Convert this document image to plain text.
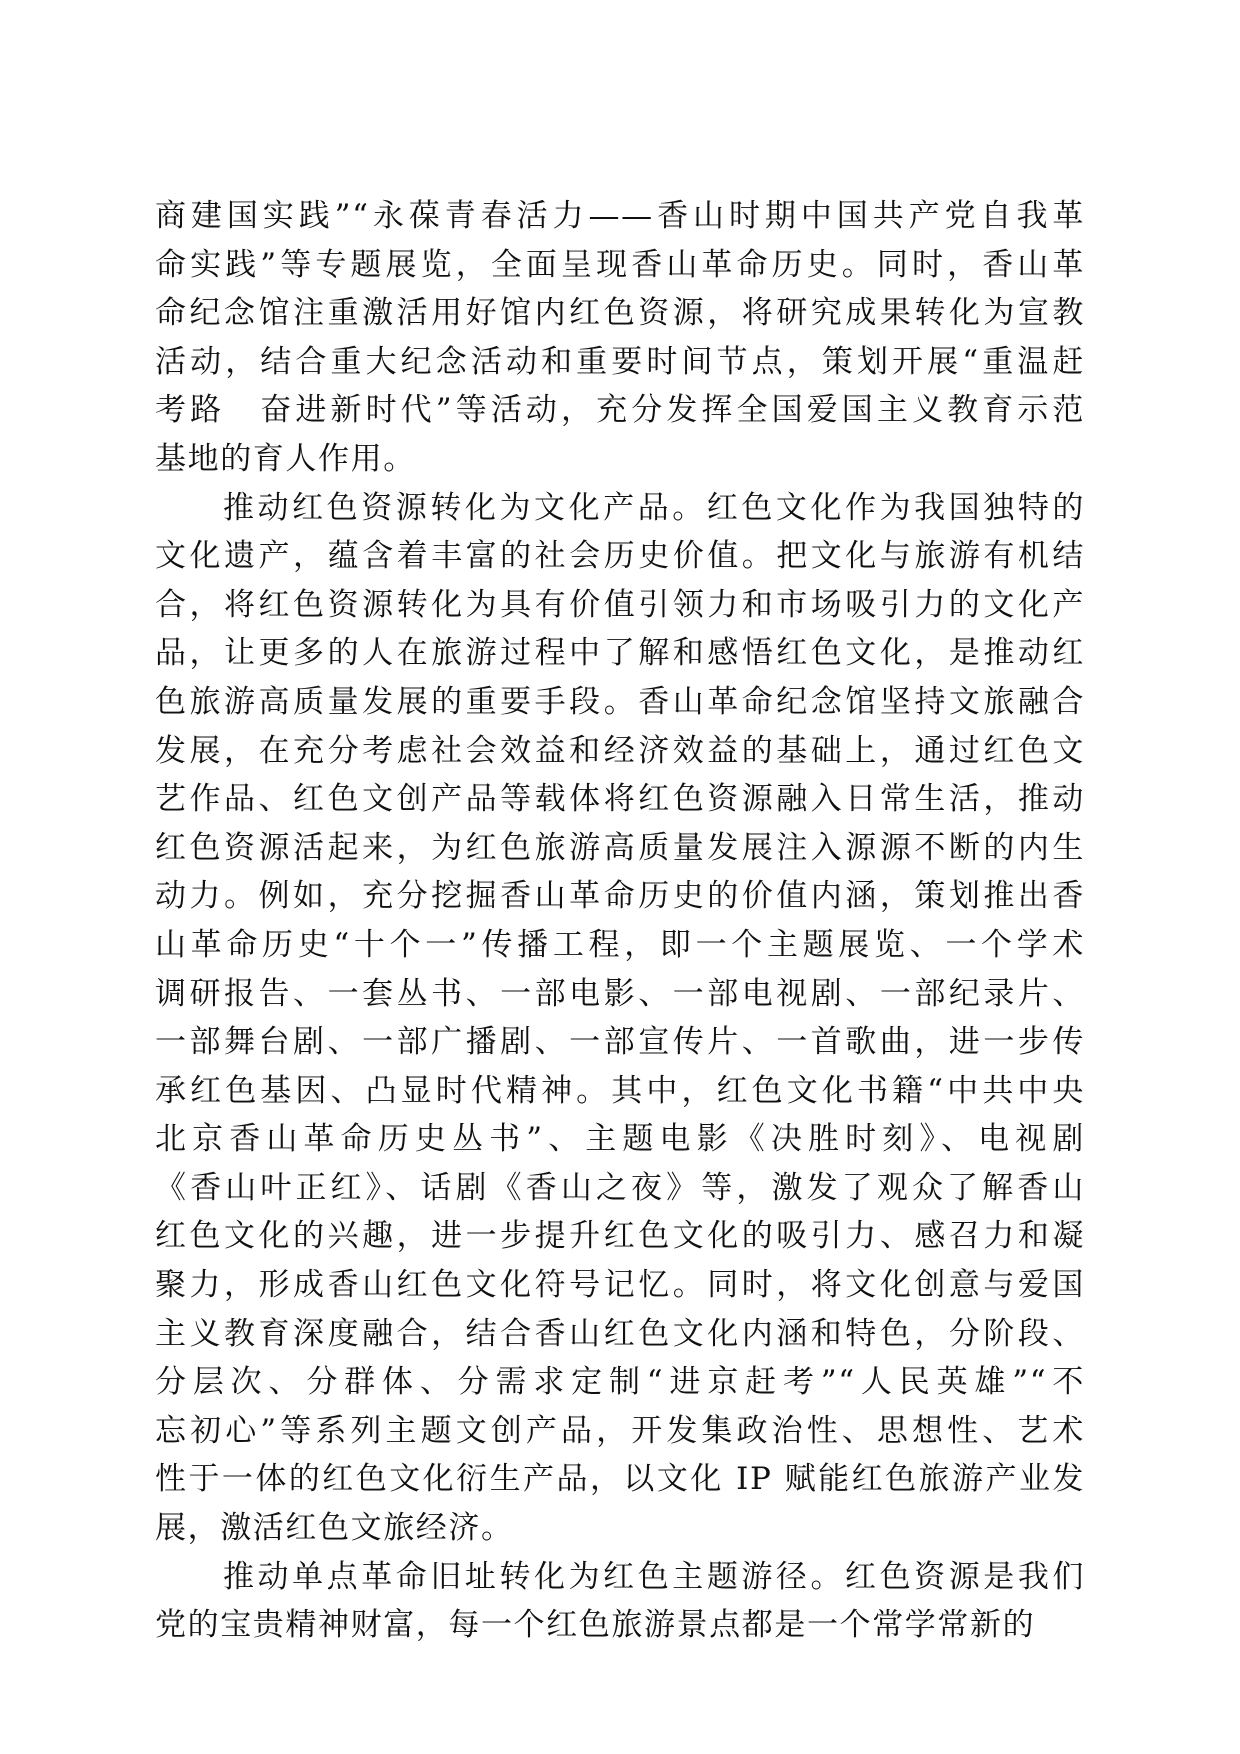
商建国实践”“永葆青春活力——香山时期中国共产党自我革
命实践”等专题展览，全面呈现香山革命历史。同时，香山革
命纪念馆注重激活用好馆内红色资源，将研究成果转化为宣教
活动，结合重大纪念活动和重要时间节点，策划开展“重温赶
考路　奋进新时代”等活动，充分发挥全国爱国主义教育示范
基地的育人作用。
推动红色资源转化为文化产品。红色文化作为我国独特的
文化遗产，蕴含着丰富的社会历史价值。把文化与旅游有机结
合，将红色资源转化为具有价值引领力和市场吸引力的文化产
品，让更多的人在旅游过程中了解和感悟红色文化，是推动红
色旅游高质量发展的重要手段。香山革命纪念馆坚持文旅融合
发展，在充分考虑社会效益和经济效益的基础上，通过红色文
艺作品、红色文创产品等载体将红色资源融入日常生活，推动
红色资源活起来，为红色旅游高质量发展注入源源不断的内生
动力。例如，充分挖掘香山革命历史的价值内涵，策划推出香
山革命历史“十个一”传播工程，即一个主题展览、一个学术
调研报告、一套丛书、一部电影、一部电视剧、一部纪录片、
一部舞台剧、一部广播剧、一部宣传片、一首歌曲，进一步传
承红色基因、凸显时代精神。其中，红色文化书籍“中共中央
北京香山革命历史丛书”、主题电影《决胜时刻》、电视剧
《香山叶正红》、话剧《香山之夜》等，激发了观众了解香山
红色文化的兴趣，进一步提升红色文化的吸引力、感召力和凝
聚力，形成香山红色文化符号记忆。同时，将文化创意与爱国
主义教育深度融合，结合香山红色文化内涵和特色，分阶段、
分层次、分群体、分需求定制“进京赶考”“人民英雄”“不
忘初心”等系列主题文创产品，开发集政治性、思想性、艺术
性于一体的红色文化衍生产品，以文化 IP 赋能红色旅游产业发
展，激活红色文旅经济。
推动单点革命旧址转化为红色主题游径。红色资源是我们
党的宝贵精神财富，每一个红色旅游景点都是一个常学常新的
